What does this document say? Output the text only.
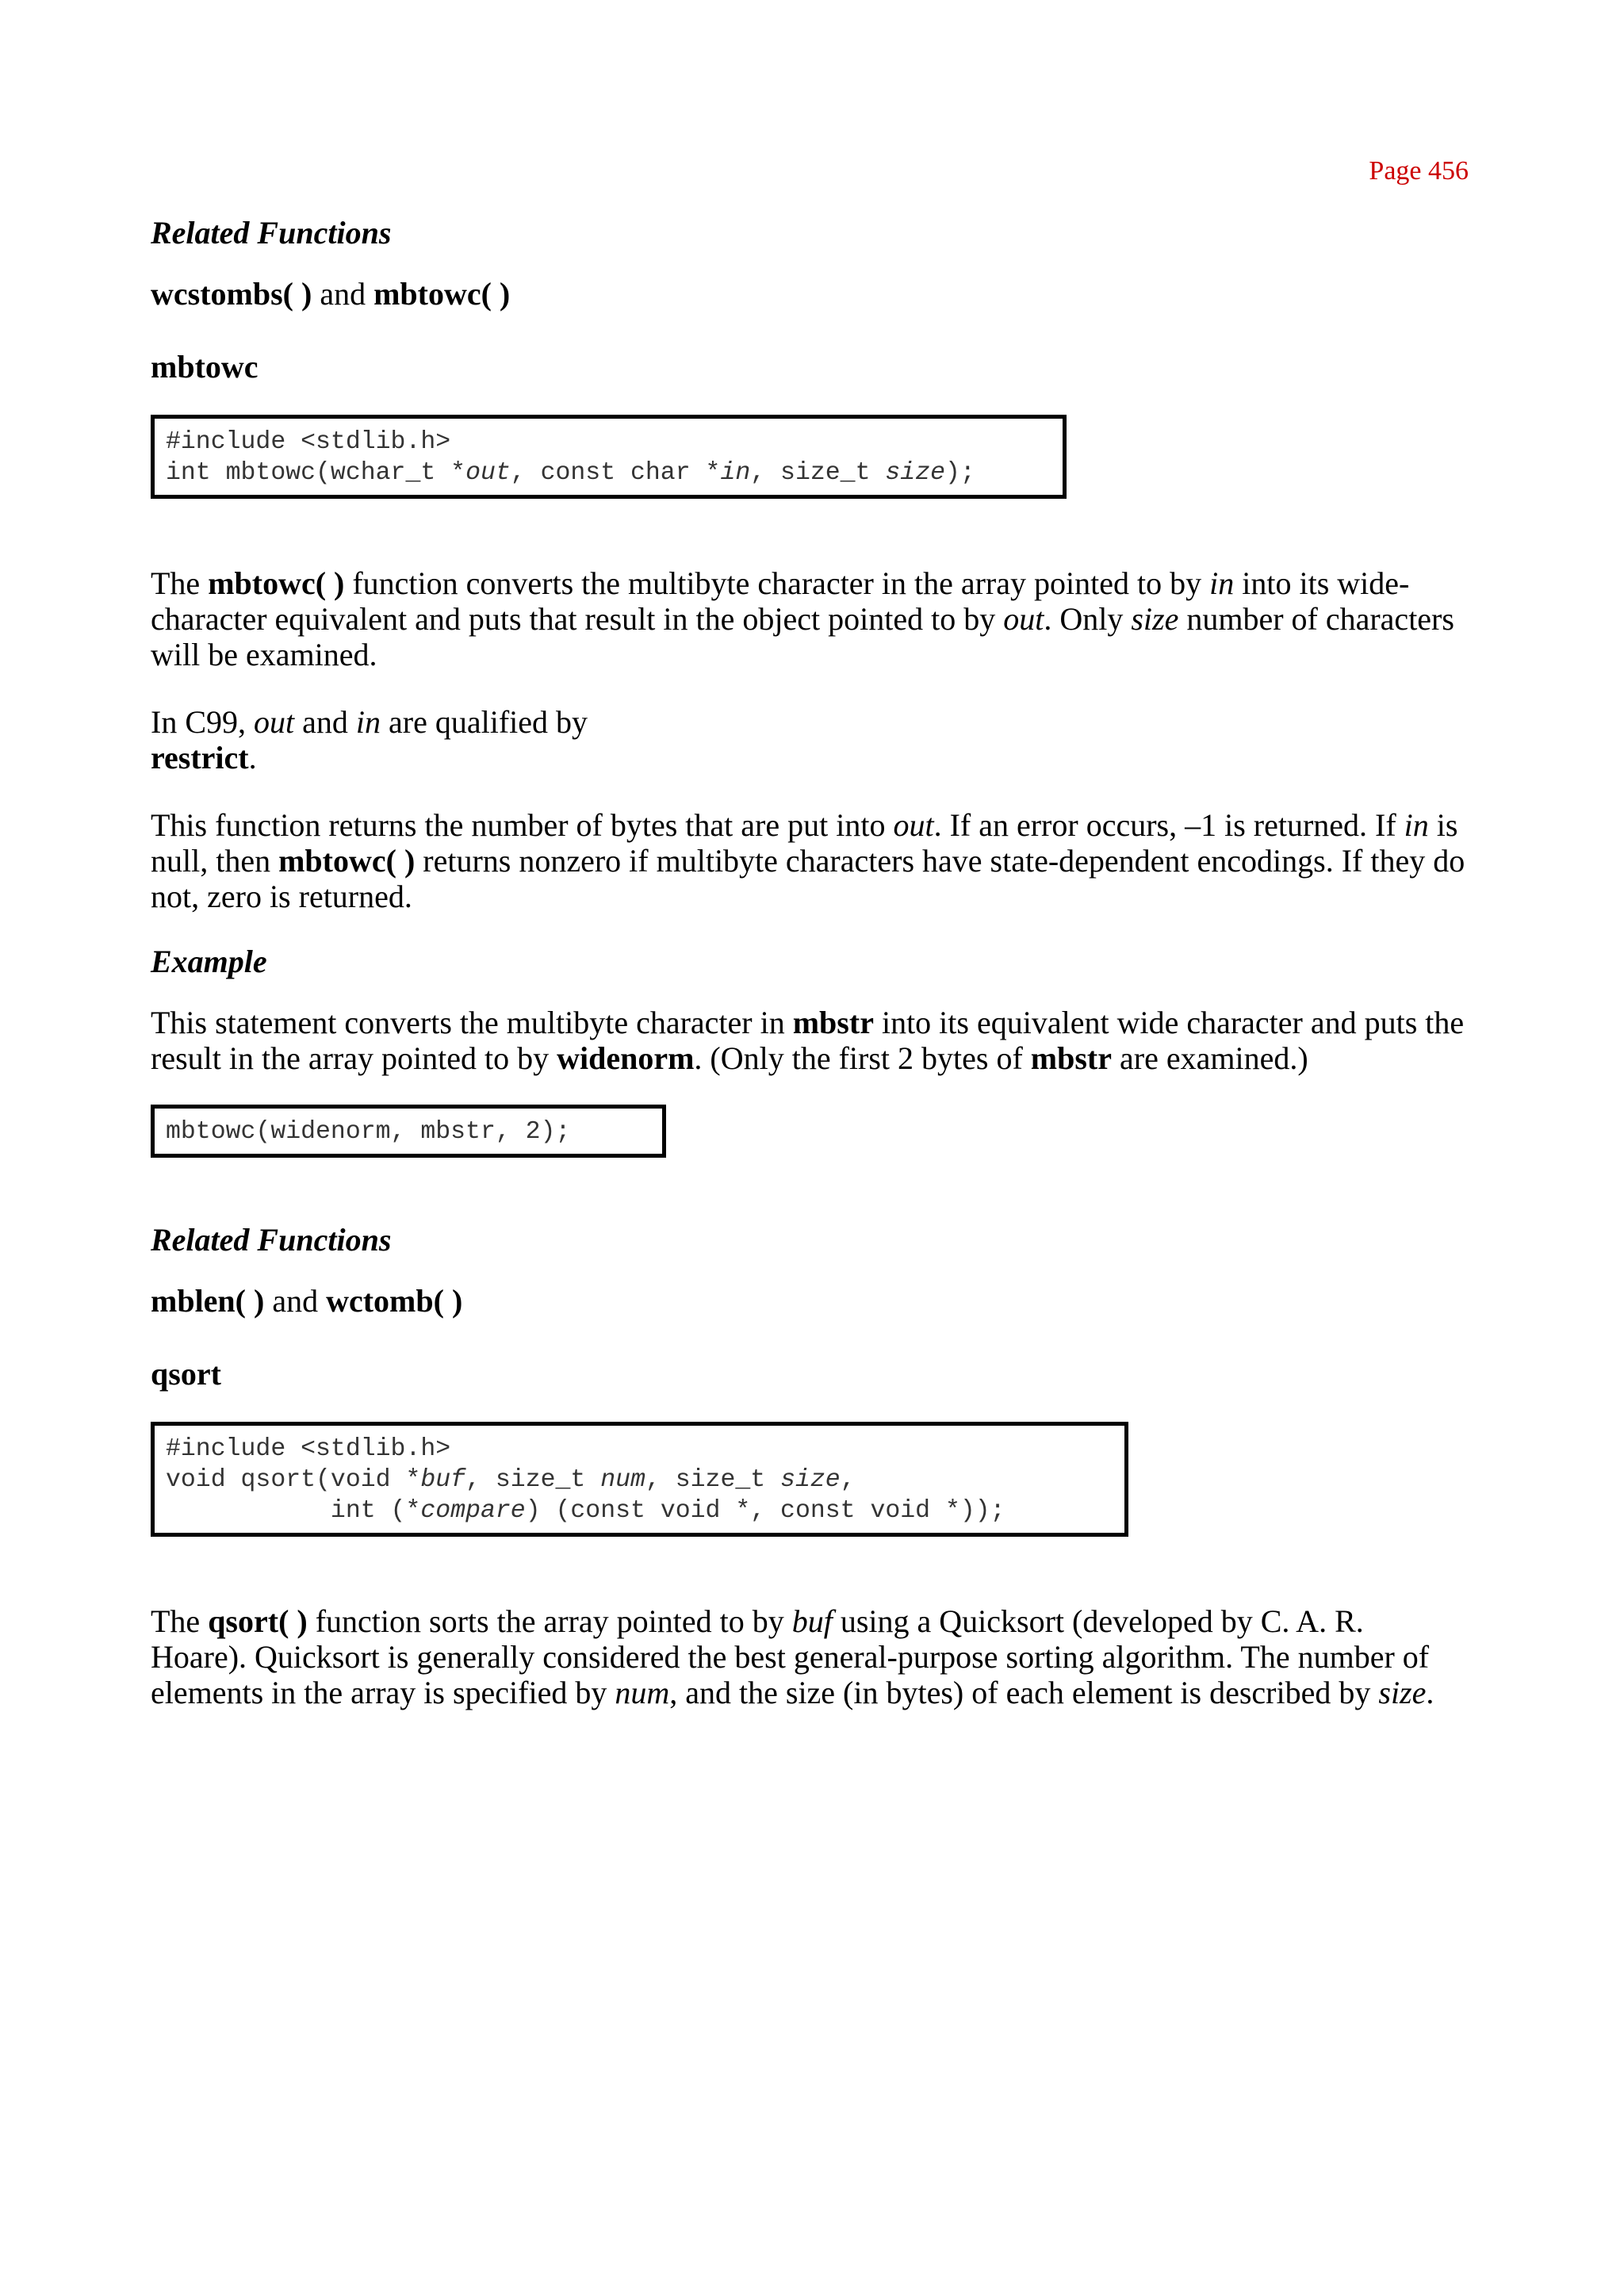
Page 456

Related Functions

wcstombs( ) and mbtowc( )

mbtowc

#include <stdlib.h>
int mbtowc(wchar_t *out, const char *in, size_t size);

The mbtowc( ) function converts the multibyte character in the array pointed to by in into its wide-character equivalent and puts that result in the object pointed to by out. Only size number of characters will be examined.

In C99, out and in are qualified by
restrict.

This function returns the number of bytes that are put into out. If an error occurs, –1 is returned. If in is null, then mbtowc( ) returns nonzero if multibyte characters have state-dependent encodings. If they do not, zero is returned.

Example

This statement converts the multibyte character in mbstr into its equivalent wide character and puts the result in the array pointed to by widenorm. (Only the first 2 bytes of mbstr are examined.)

mbtowc(widenorm, mbstr, 2);

Related Functions

mblen( ) and wctomb( )

qsort

#include <stdlib.h>
void qsort(void *buf, size_t num, size_t size,
int (*compare) (const void *, const void *));

The qsort( ) function sorts the array pointed to by buf using a Quicksort (developed by C. A. R. Hoare). Quicksort is generally considered the best general-purpose sorting algorithm. The number of elements in the array is specified by num, and the size (in bytes) of each element is described by size.
